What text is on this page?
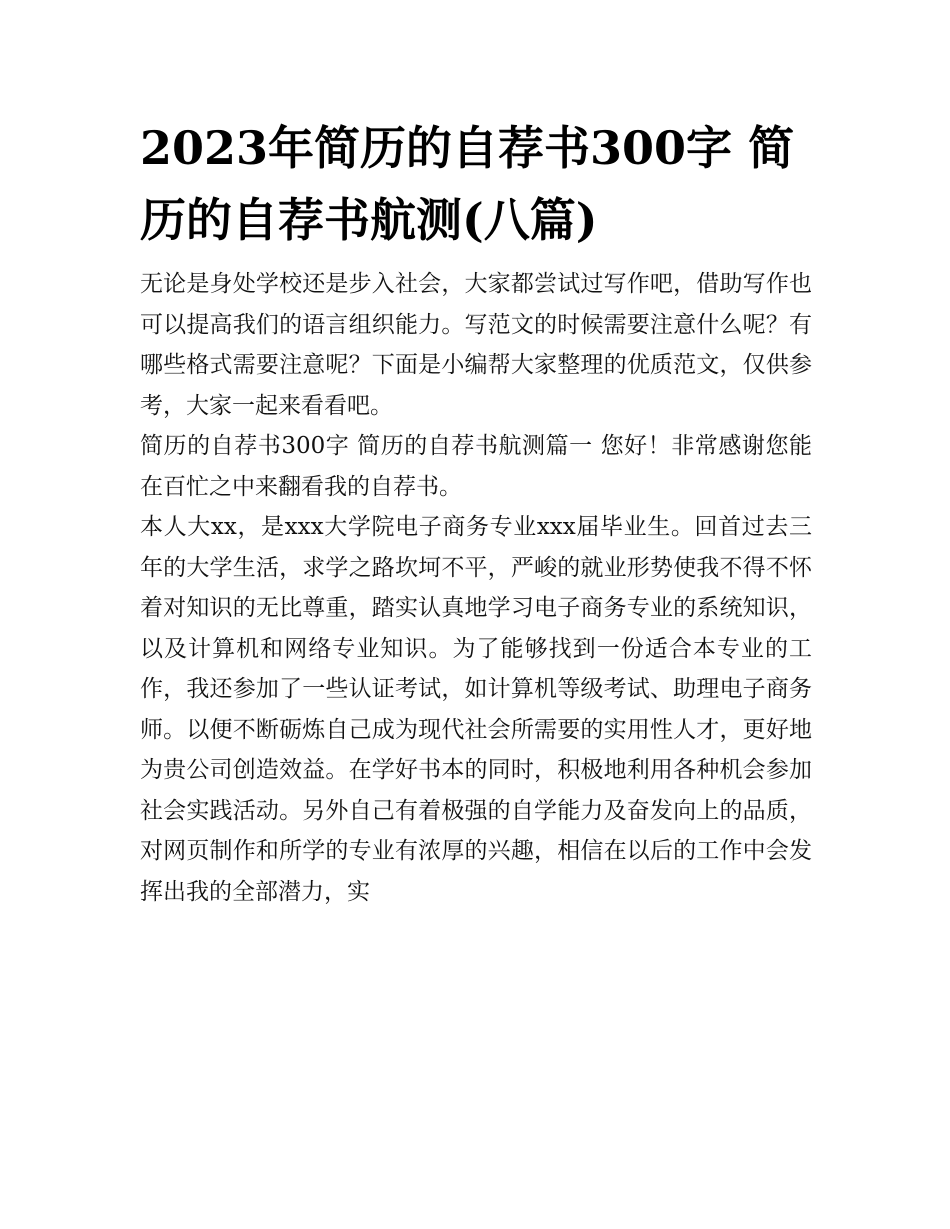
2023年简历的自荐书300字 简历的自荐书航测(八篇)

无论是身处学校还是步入社会，大家都尝试过写作吧，借助写作也可以提高我们的语言组织能力。写范文的时候需要注意什么呢？有哪些格式需要注意呢？下面是小编帮大家整理的优质范文，仅供参考，大家一起来看看吧。

简历的自荐书300字 简历的自荐书航测篇一 您好！非常感谢您能在百忙之中来翻看我的自荐书。

本人大xx，是xxx大学院电子商务专业xxx届毕业生。回首过去三年的大学生活，求学之路坎坷不平，严峻的就业形势使我不得不怀着对知识的无比尊重，踏实认真地学习电子商务专业的系统知识，以及计算机和网络专业知识。为了能够找到一份适合本专业的工作，我还参加了一些认证考试，如计算机等级考试、助理电子商务师。以便不断砺炼自己成为现代社会所需要的实用性人才，更好地为贵公司创造效益。在学好书本的同时，积极地利用各种机会参加社会实践活动。另外自己有着极强的自学能力及奋发向上的品质，对网页制作和所学的专业有浓厚的兴趣，相信在以后的工作中会发挥出我的全部潜力，实
